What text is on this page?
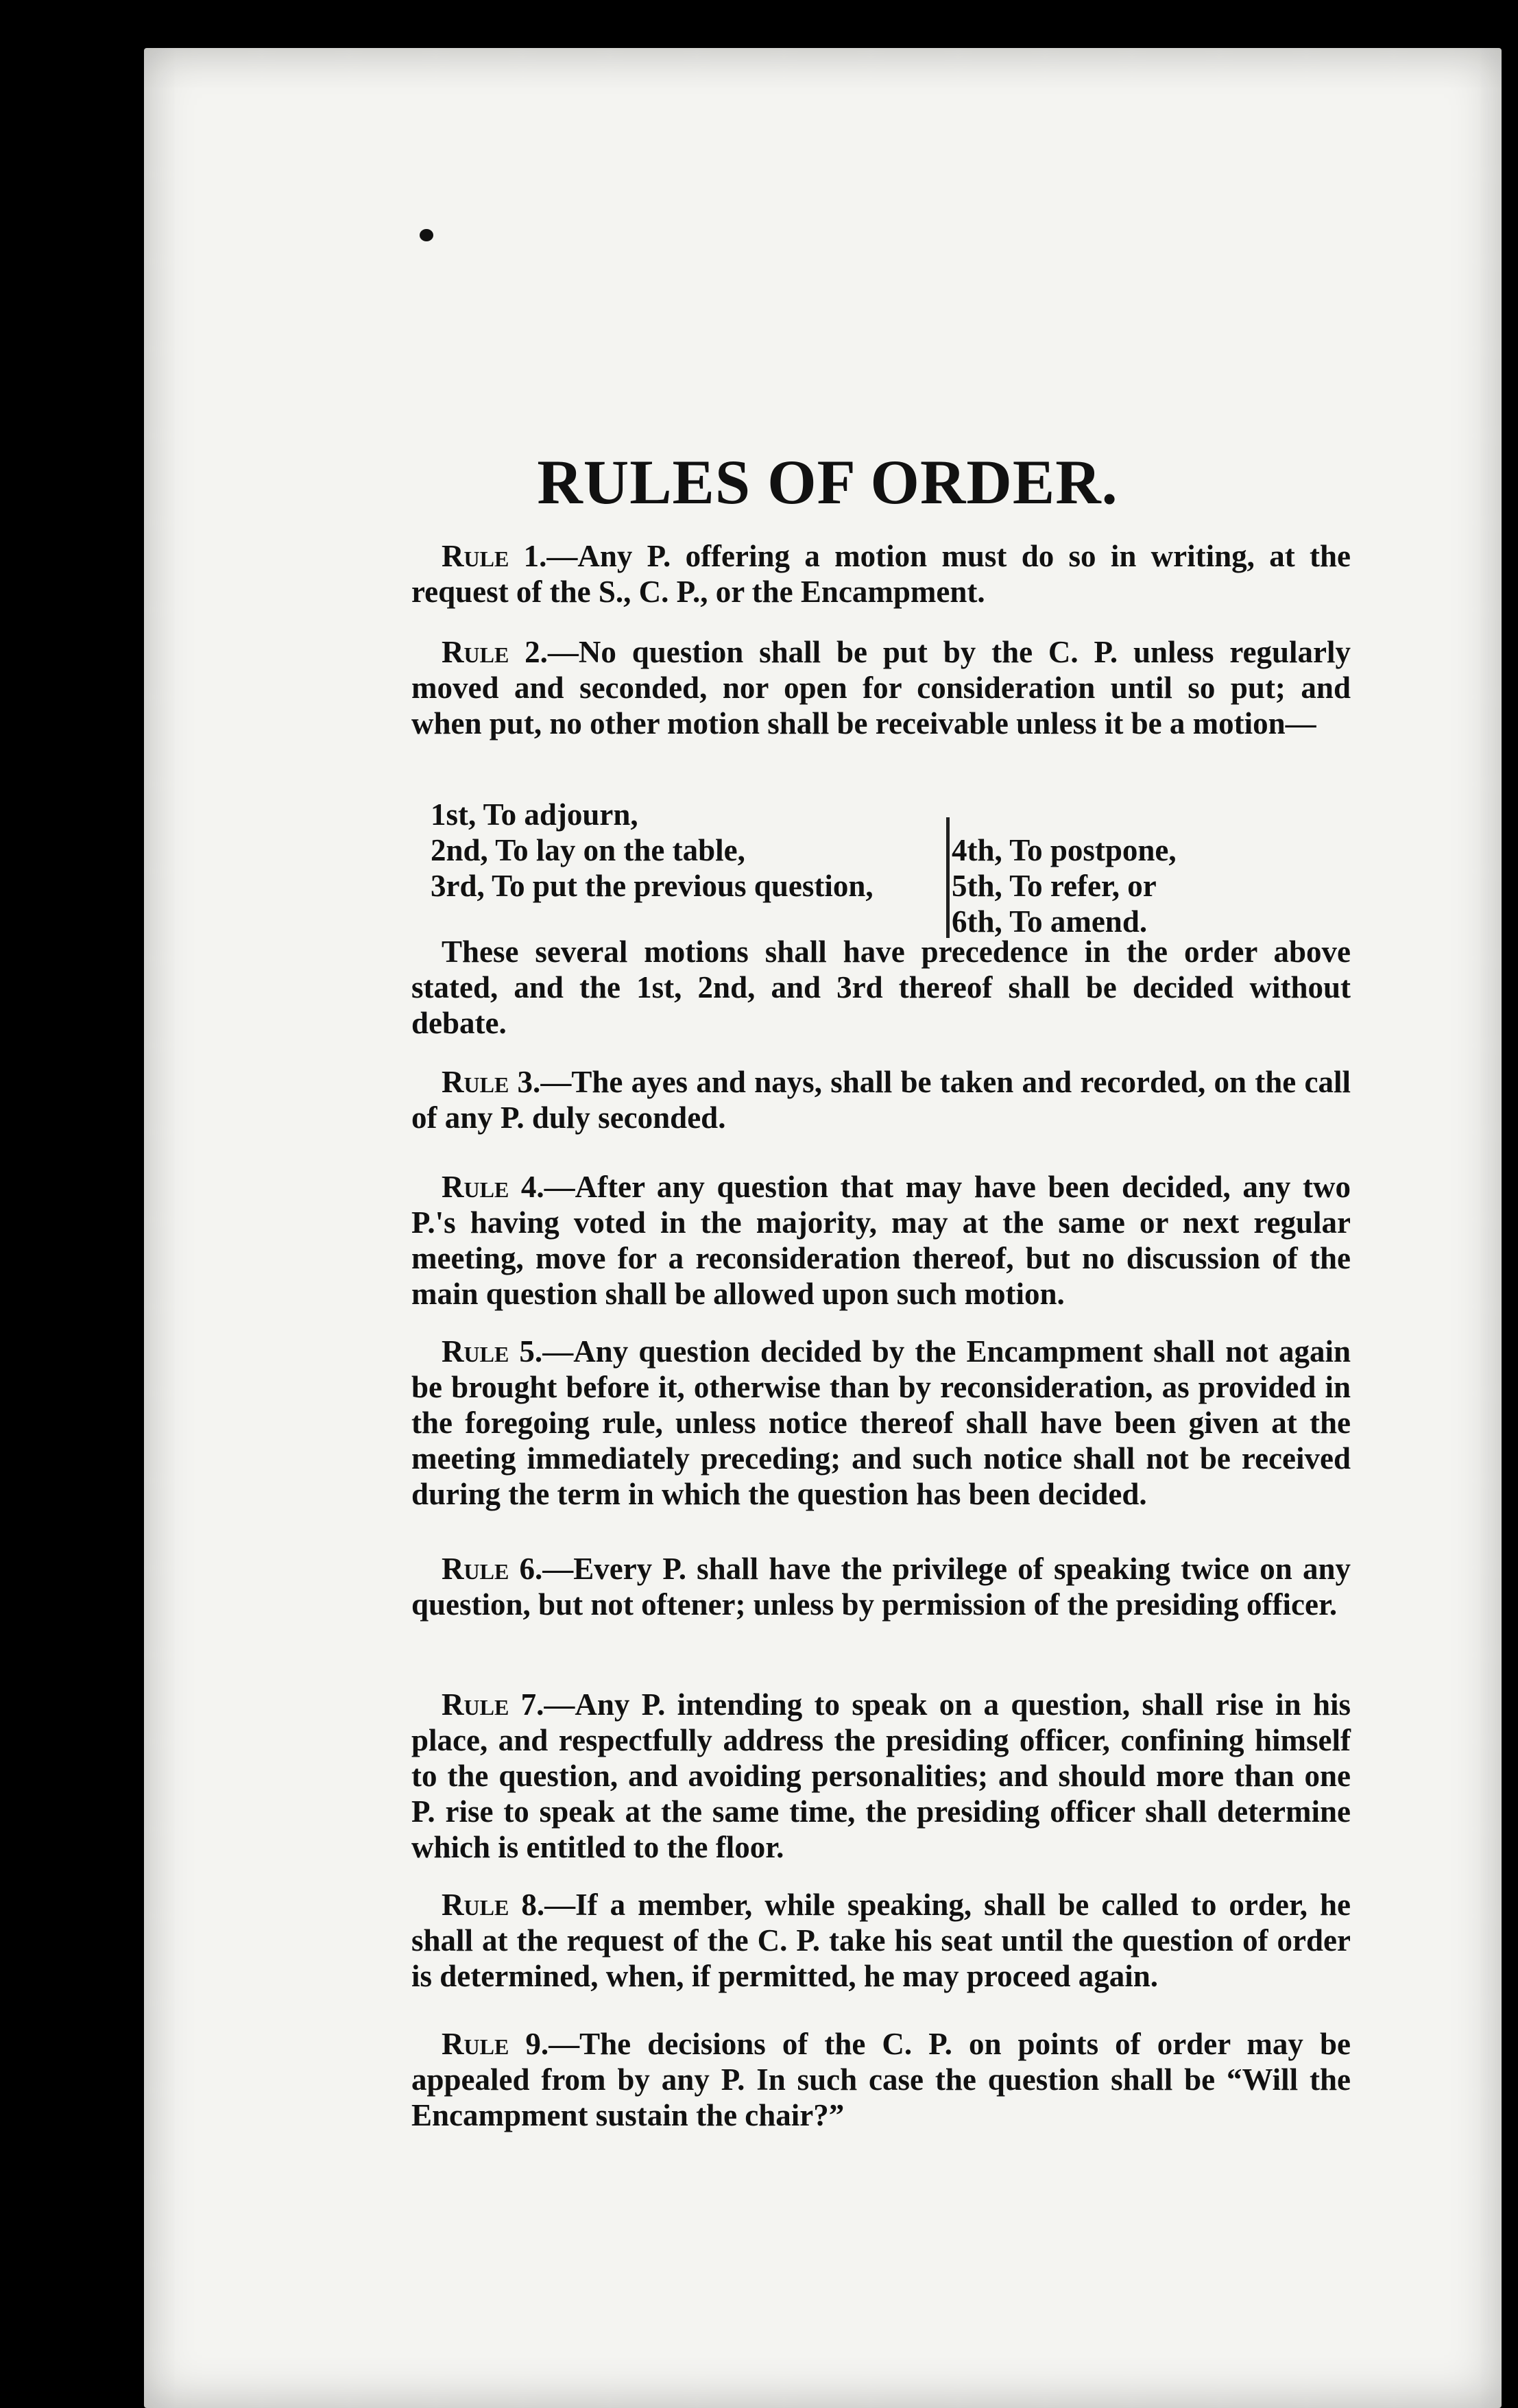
RULES OF ORDER.
Rule 1.—Any P. offering a motion must do so in writing, at the request of the S., C. P., or the Encampment.
Rule 2.—No question shall be put by the C. P. unless regularly moved and seconded, nor open for consideration until so put; and when put, no other motion shall be receivable unless it be a motion—
1st, To adjourn,
2nd, To lay on the table,
3rd, To put the previous question,
4th, To postpone,
5th, To refer, or
6th, To amend.
These several motions shall have precedence in the order above stated, and the 1st, 2nd, and 3rd thereof shall be decided without debate.
Rule 3.—The ayes and nays, shall be taken and recorded, on the call of any P. duly seconded.
Rule 4.—After any question that may have been decided, any two P.'s having voted in the majority, may at the same or next regular meeting, move for a reconsideration thereof, but no discussion of the main question shall be allowed upon such motion.
Rule 5.—Any question decided by the Encampment shall not again be brought before it, otherwise than by reconsideration, as provided in the foregoing rule, unless notice thereof shall have been given at the meeting immediately preceding; and such notice shall not be received during the term in which the question has been decided.
Rule 6.—Every P. shall have the privilege of speaking twice on any question, but not oftener; unless by permission of the presiding officer.
Rule 7.—Any P. intending to speak on a question, shall rise in his place, and respectfully address the presiding officer, confining himself to the question, and avoiding personalities; and should more than one P. rise to speak at the same time, the presiding officer shall determine which is entitled to the floor.
Rule 8.—If a member, while speaking, shall be called to order, he shall at the request of the C. P. take his seat until the question of order is determined, when, if permitted, he may proceed again.
Rule 9.—The decisions of the C. P. on points of order may be appealed from by any P. In such case the question shall be “Will the Encampment sustain the chair?”
